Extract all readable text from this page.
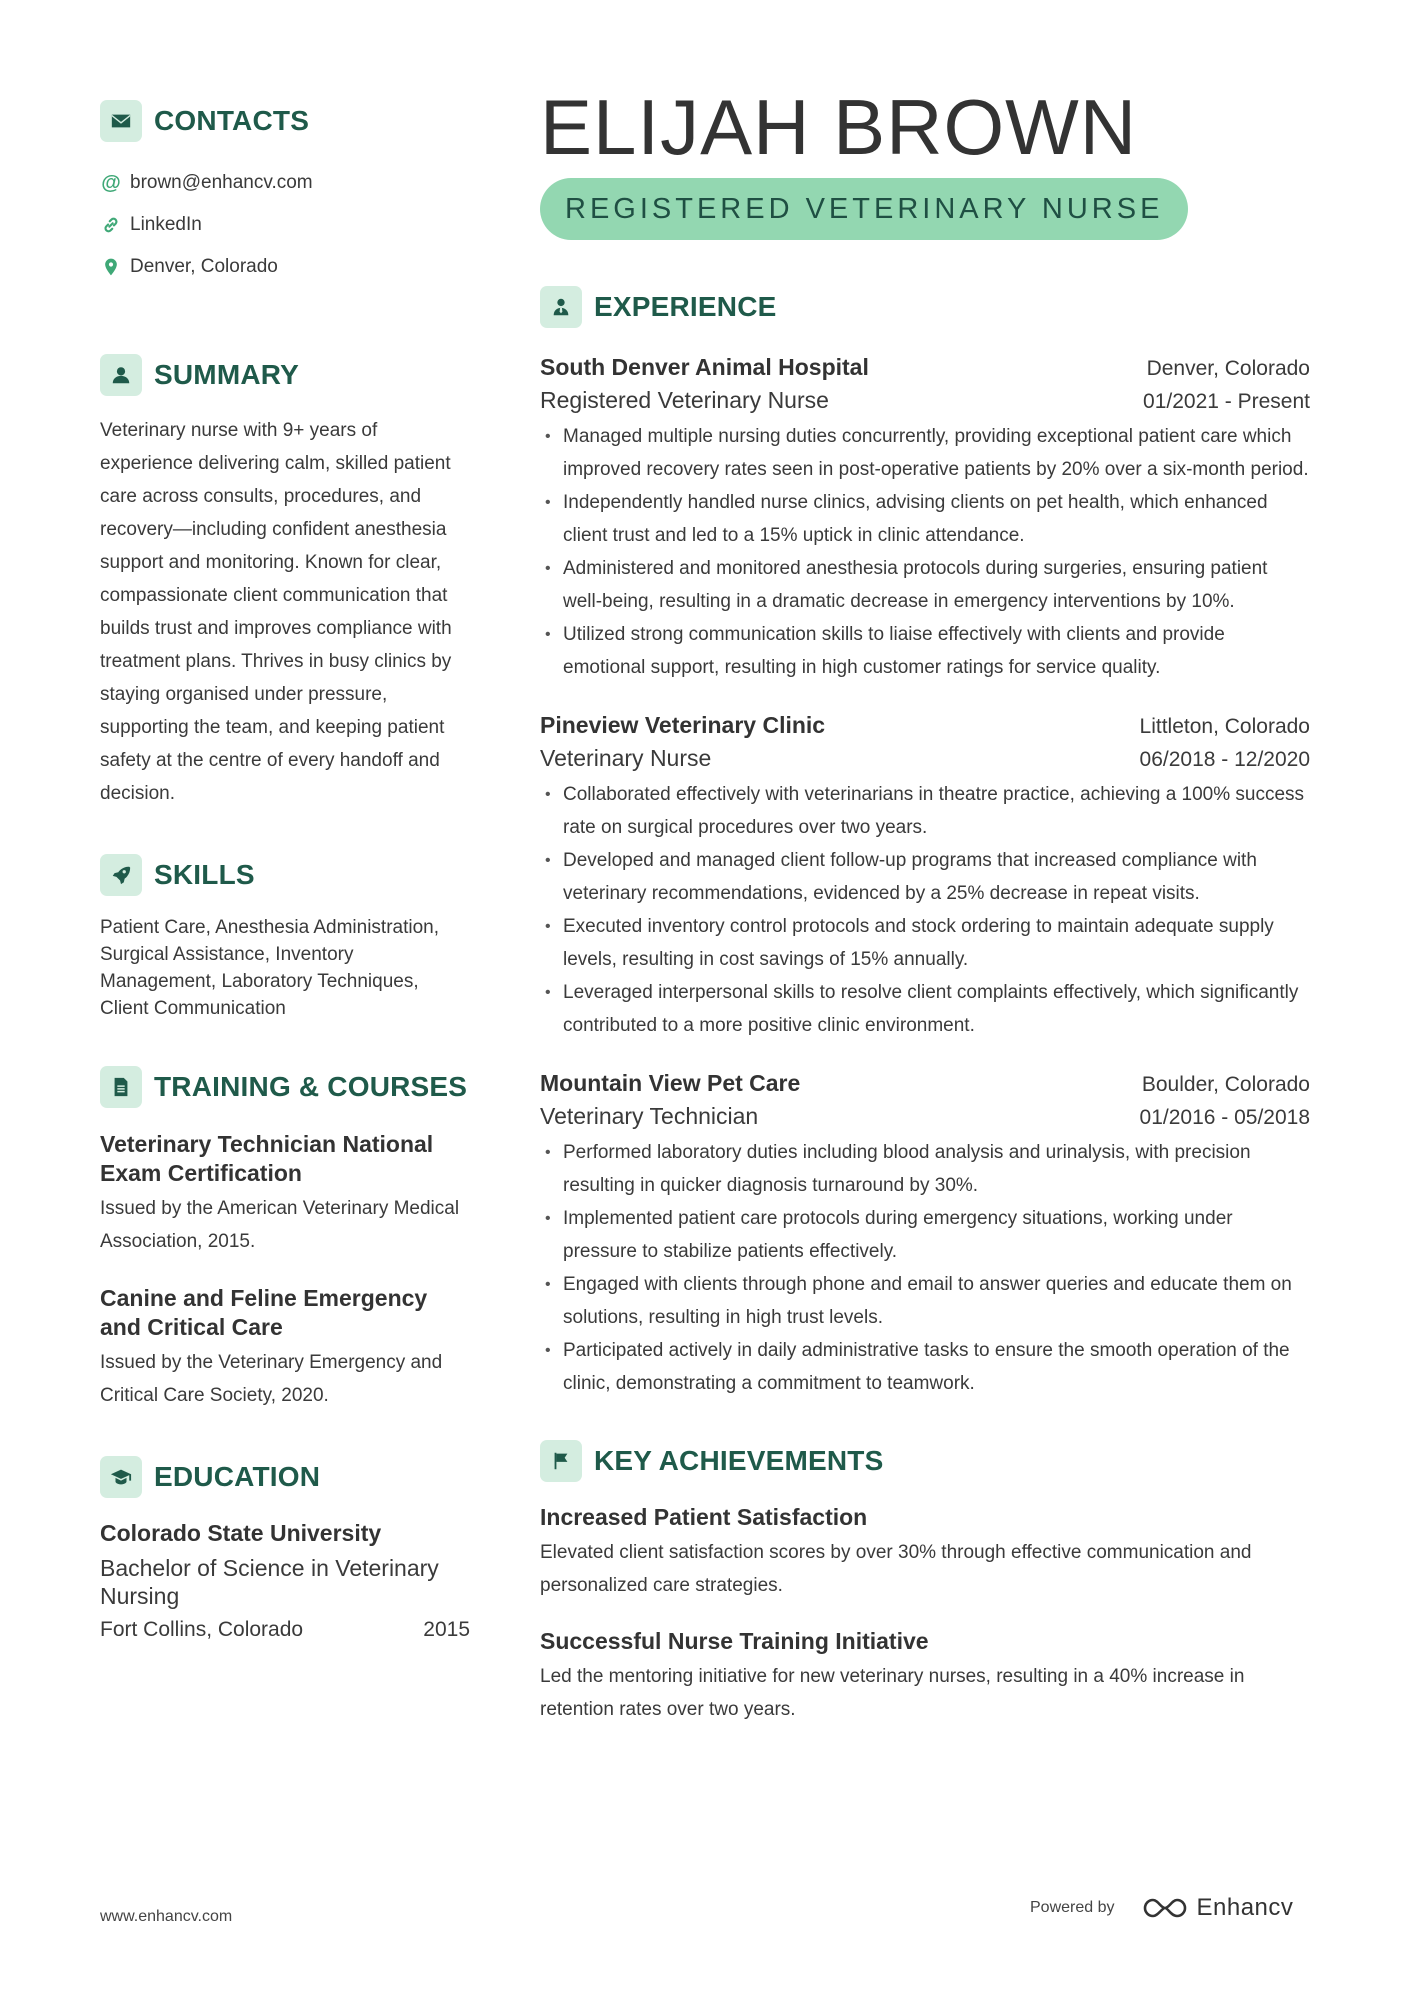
CONTACTS
@ brown@enhancv.com
LinkedIn
Denver, Colorado
SUMMARY
Veterinary nurse with 9+ years of experience delivering calm, skilled patient care across consults, procedures, and recovery—including confident anesthesia support and monitoring. Known for clear, compassionate client communication that builds trust and improves compliance with treatment plans. Thrives in busy clinics by staying organised under pressure, supporting the team, and keeping patient safety at the centre of every handoff and decision.
SKILLS
Patient Care, Anesthesia Administration, Surgical Assistance, Inventory Management, Laboratory Techniques, Client Communication
TRAINING & COURSES
Veterinary Technician National Exam Certification
Issued by the American Veterinary Medical Association, 2015.
Canine and Feline Emergency and Critical Care
Issued by the Veterinary Emergency and Critical Care Society, 2020.
EDUCATION
Colorado State University
Bachelor of Science in Veterinary Nursing
Fort Collins, Colorado	2015
ELIJAH BROWN
REGISTERED VETERINARY NURSE
EXPERIENCE
South Denver Animal Hospital	Denver, Colorado
Registered Veterinary Nurse	01/2021 - Present
• Managed multiple nursing duties concurrently, providing exceptional patient care which improved recovery rates seen in post-operative patients by 20% over a six-month period.
• Independently handled nurse clinics, advising clients on pet health, which enhanced client trust and led to a 15% uptick in clinic attendance.
• Administered and monitored anesthesia protocols during surgeries, ensuring patient well-being, resulting in a dramatic decrease in emergency interventions by 10%.
• Utilized strong communication skills to liaise effectively with clients and provide emotional support, resulting in high customer ratings for service quality.
Pineview Veterinary Clinic	Littleton, Colorado
Veterinary Nurse	06/2018 - 12/2020
• Collaborated effectively with veterinarians in theatre practice, achieving a 100% success rate on surgical procedures over two years.
• Developed and managed client follow-up programs that increased compliance with veterinary recommendations, evidenced by a 25% decrease in repeat visits.
• Executed inventory control protocols and stock ordering to maintain adequate supply levels, resulting in cost savings of 15% annually.
• Leveraged interpersonal skills to resolve client complaints effectively, which significantly contributed to a more positive clinic environment.
Mountain View Pet Care	Boulder, Colorado
Veterinary Technician	01/2016 - 05/2018
• Performed laboratory duties including blood analysis and urinalysis, with precision resulting in quicker diagnosis turnaround by 30%.
• Implemented patient care protocols during emergency situations, working under pressure to stabilize patients effectively.
• Engaged with clients through phone and email to answer queries and educate them on solutions, resulting in high trust levels.
• Participated actively in daily administrative tasks to ensure the smooth operation of the clinic, demonstrating a commitment to teamwork.
KEY ACHIEVEMENTS
Increased Patient Satisfaction
Elevated client satisfaction scores by over 30% through effective communication and personalized care strategies.
Successful Nurse Training Initiative
Led the mentoring initiative for new veterinary nurses, resulting in a 40% increase in retention rates over two years.
www.enhancv.com
Powered by	Enhancv
